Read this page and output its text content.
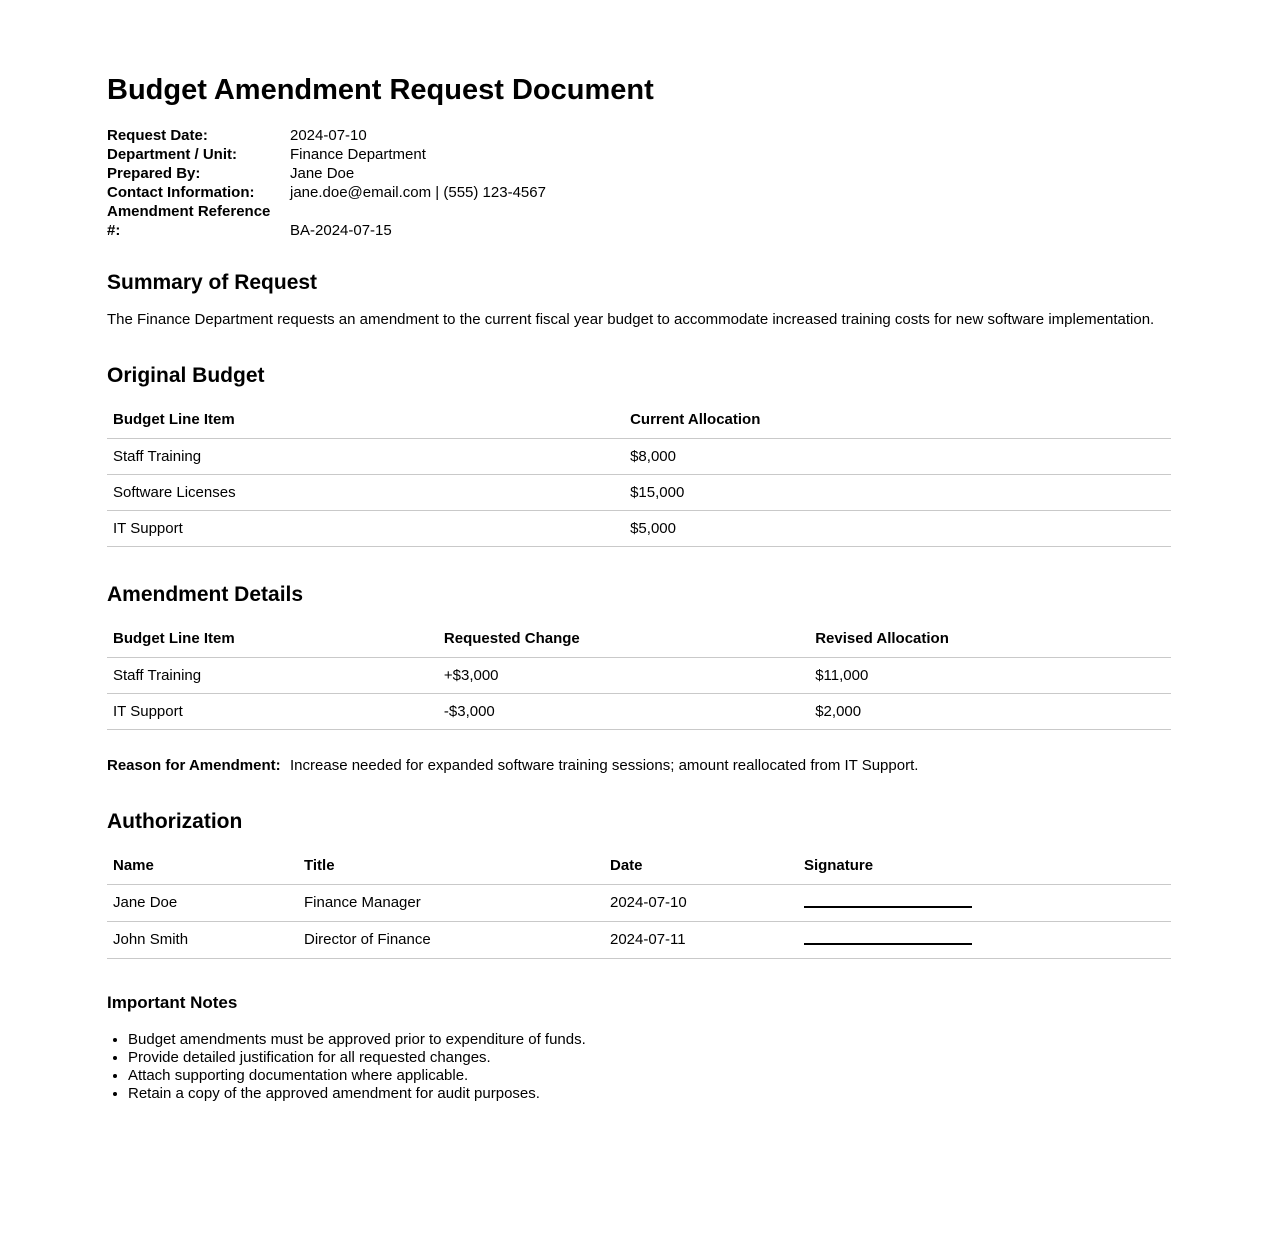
Budget Amendment Request Document
Request Date:	2024-07-10
Department / Unit:	Finance Department
Prepared By:	Jane Doe
Contact Information:	jane.doe@email.com | (555) 123-4567
Amendment Reference #:	BA-2024-07-15
Summary of Request

The Finance Department requests an amendment to the current fiscal year budget to accommodate increased training costs for new software implementation.

Original Budget
Budget Line Item	Current Allocation
Staff Training	$8,000
Software Licenses	$15,000
IT Support	$5,000
Amendment Details
Budget Line Item	Requested Change	Revised Allocation
Staff Training	+$3,000	$11,000
IT Support	-$3,000	$2,000
Reason for Amendment:	Increase needed for expanded software training sessions; amount reallocated from IT Support.
Authorization
Name	Title	Date	Signature
Jane Doe	Finance Manager	2024-07-10	
John Smith	Director of Finance	2024-07-11	
Important Notes
• Budget amendments must be approved prior to expenditure of funds.
• Provide detailed justification for all requested changes.
• Attach supporting documentation where applicable.
• Retain a copy of the approved amendment for audit purposes.
